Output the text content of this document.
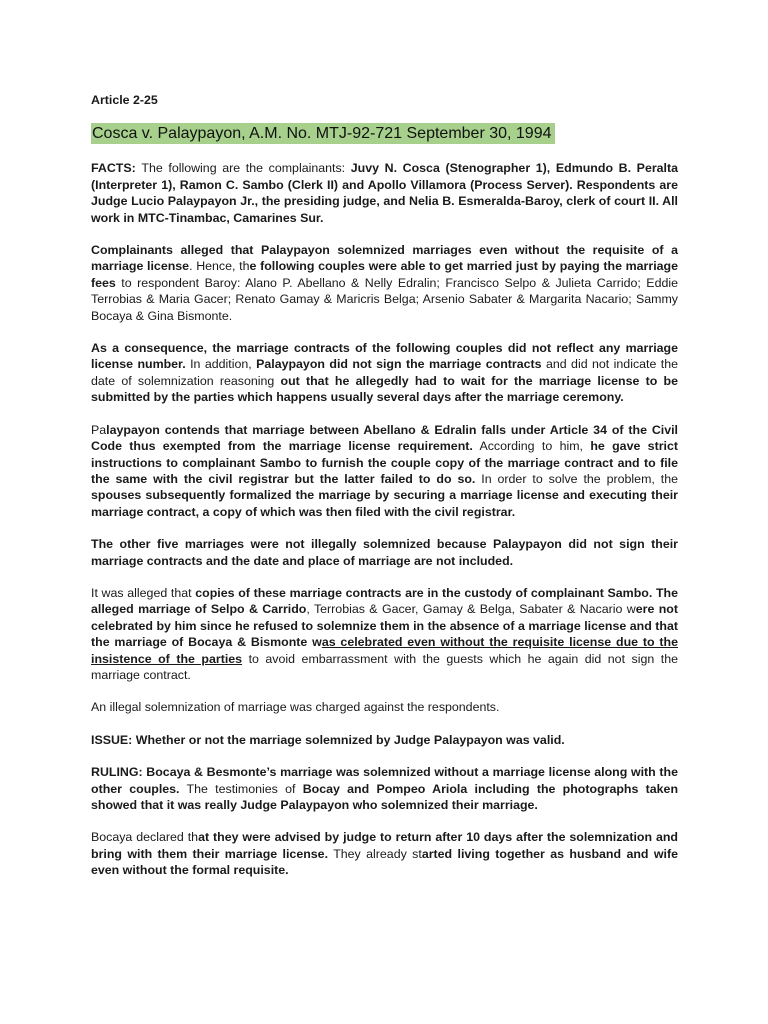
Article 2-25

Cosca v. Palaypayon, A.M. No. MTJ-92-721 September 30, 1994

FACTS: The following are the complainants: Juvy N. Cosca (Stenographer 1), Edmundo B. Peralta (Interpreter 1), Ramon C. Sambo (Clerk II) and Apollo Villamora (Process Server). Respondents are Judge Lucio Palaypayon Jr., the presiding judge, and Nelia B. Esmeralda-Baroy, clerk of court II. All work in MTC-Tinambac, Camarines Sur.

Complainants alleged that Palaypayon solemnized marriages even without the requisite of a marriage license. Hence, the following couples were able to get married just by paying the marriage fees to respondent Baroy: Alano P. Abellano & Nelly Edralin; Francisco Selpo & Julieta Carrido; Eddie Terrobias & Maria Gacer; Renato Gamay & Maricris Belga; Arsenio Sabater & Margarita Nacario; Sammy Bocaya & Gina Bismonte.

As a consequence, the marriage contracts of the following couples did not reflect any marriage license number. In addition, Palaypayon did not sign the marriage contracts and did not indicate the date of solemnization reasoning out that he allegedly had to wait for the marriage license to be submitted by the parties which happens usually several days after the marriage ceremony.

Palaypayon contends that marriage between Abellano & Edralin falls under Article 34 of the Civil Code thus exempted from the marriage license requirement. According to him, he gave strict instructions to complainant Sambo to furnish the couple copy of the marriage contract and to file the same with the civil registrar but the latter failed to do so. In order to solve the problem, the spouses subsequently formalized the marriage by securing a marriage license and executing their marriage contract, a copy of which was then filed with the civil registrar.

The other five marriages were not illegally solemnized because Palaypayon did not sign their marriage contracts and the date and place of marriage are not included.

It was alleged that copies of these marriage contracts are in the custody of complainant Sambo. The alleged marriage of Selpo & Carrido, Terrobias & Gacer, Gamay & Belga, Sabater & Nacario were not celebrated by him since he refused to solemnize them in the absence of a marriage license and that the marriage of Bocaya & Bismonte was celebrated even without the requisite license due to the insistence of the parties to avoid embarrassment with the guests which he again did not sign the marriage contract.

An illegal solemnization of marriage was charged against the respondents.

ISSUE: Whether or not the marriage solemnized by Judge Palaypayon was valid.

RULING: Bocaya & Besmonte’s marriage was solemnized without a marriage license along with the other couples. The testimonies of Bocay and Pompeo Ariola including the photographs taken showed that it was really Judge Palaypayon who solemnized their marriage.

Bocaya declared that they were advised by judge to return after 10 days after the solemnization and bring with them their marriage license. They already started living together as husband and wife even without the formal requisite.
